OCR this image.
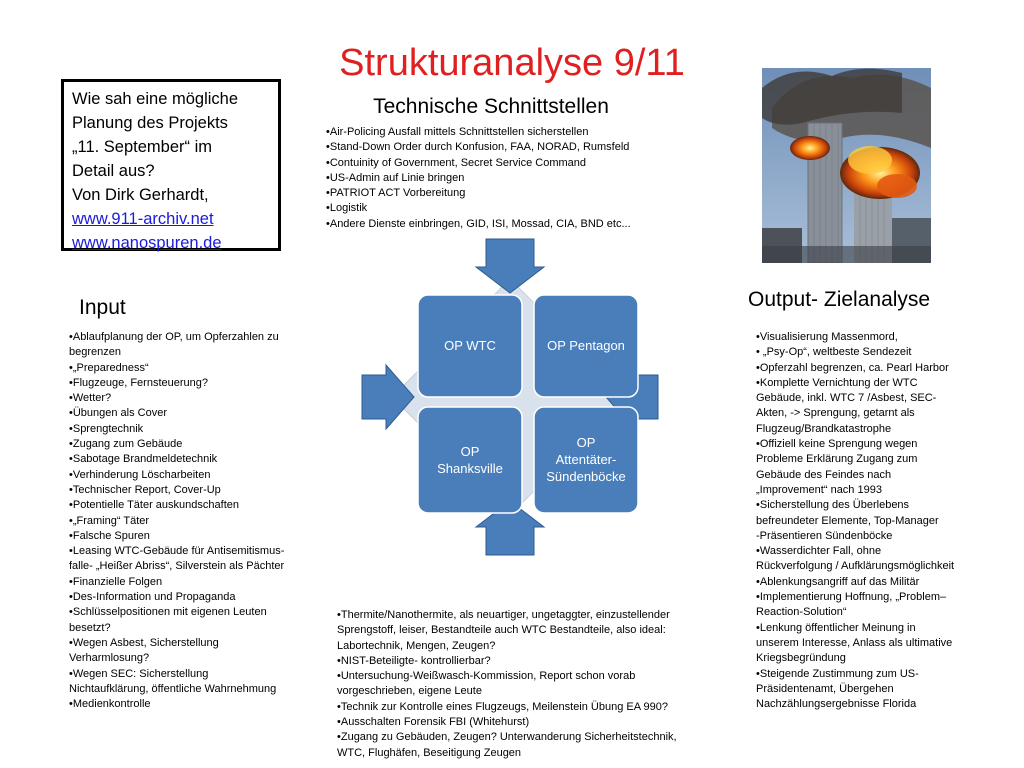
Strukturanalyse 9/11
Wie sah eine mögliche
Planung des Projekts
„11. September“ im
Detail aus?
Von Dirk Gerhardt,
www.911-archiv.net
www.nanospuren.de
Technische Schnittstellen
•Air-Policing Ausfall mittels Schnittstellen sicherstellen
•Stand-Down Order durch Konfusion, FAA, NORAD, Rumsfeld
•Contuinity of Government, Secret Service Command
•US-Admin auf Linie bringen
•PATRIOT ACT Vorbereitung
•Logistik
•Andere Dienste einbringen, GID, ISI, Mossad, CIA, BND etc...
Input
•Ablaufplanung der OP, um Opferzahlen zu begrenzen
•„Preparedness“
•Flugzeuge, Fernsteuerung?
•Wetter?
•Übungen als Cover
•Sprengtechnik
•Zugang zum Gebäude
•Sabotage Brandmeldetechnik
•Verhinderung Löscharbeiten
•Technischer Report, Cover-Up
•Potentielle Täter auskundschaften
•„Framing“ Täter
•Falsche Spuren
•Leasing WTC-Gebäude für Antisemitismus-falle- „Heißer Abriss“, Silverstein als Pächter
•Finanzielle Folgen
•Des-Information und Propaganda
•Schlüsselpositionen mit eigenen Leuten besetzt?
•Wegen Asbest, Sicherstellung Verharmlosung?
•Wegen SEC: Sicherstellung Nichtaufklärung, öffentliche Wahrnehmung
•Medienkontrolle
Output- Zielanalyse
•Visualisierung Massenmord,
• „Psy-Op“, weltbeste Sendezeit
•Opferzahl begrenzen, ca. Pearl Harbor
•Komplette Vernichtung der WTC Gebäude, inkl. WTC 7 /Asbest, SEC-Akten, -> Sprengung, getarnt als Flugzeug/Brandkatastrophe
•Offiziell keine Sprengung wegen Probleme Erklärung Zugang zum Gebäude des Feindes nach „Improvement“ nach 1993
•Sicherstellung des Überlebens befreundeter Elemente, Top-Manager
-Präsentieren Sündenböcke
•Wasserdichter Fall, ohne Rückverfolgung / Aufklärungsmöglichkeit
•Ablenkungsangriff auf das Militär
•Implementierung Hoffnung, „Problem–Reaction-Solution“
•Lenkung öffentlicher Meinung in unserem Interesse, Anlass als ultimative Kriegsbegründung
•Steigende Zustimmung zum US-Präsidentenamt, Übergehen Nachzählungsergebnisse Florida
•Thermite/Nanothermite, als neuartiger, ungetaggter, einzustellender Sprengstoff, leiser, Bestandteile auch WTC Bestandteile, also ideal: Labortechnik, Mengen, Zeugen?
•NIST-Beteiligte- kontrollierbar?
•Untersuchung-Weißwasch-Kommission, Report schon vorab vorgeschrieben, eigene Leute
•Technik zur Kontrolle eines Flugzeugs, Meilenstein Übung EA 990?
•Ausschalten Forensik FBI (Whitehurst)
•Zugang zu Gebäuden, Zeugen? Unterwanderung Sicherheitstechnik, WTC, Flughäfen, Beseitigung Zeugen
OP WTC	OP Pentagon
OP
Shanksville
OP
Attentäter-
Sündenböcke
